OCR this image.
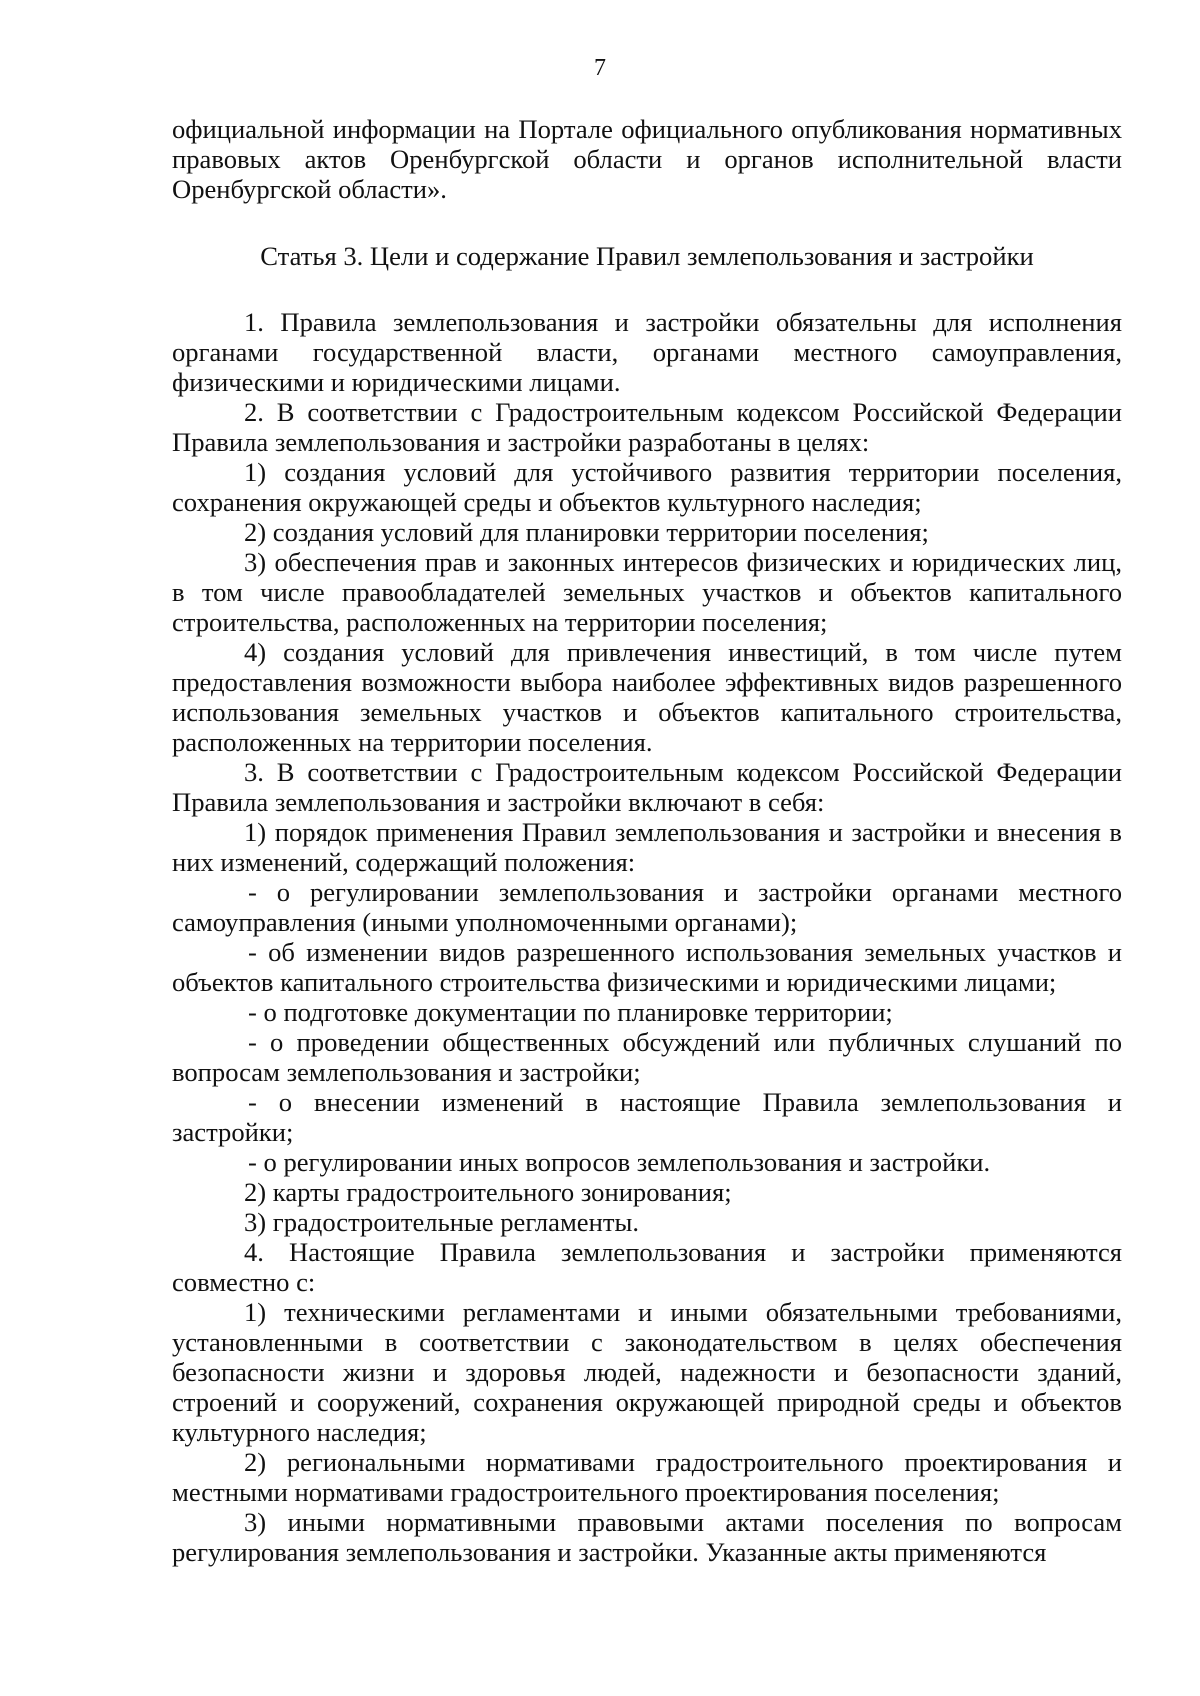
7

официальной информации на Портале официального опубликования нормативных правовых актов Оренбургской области и органов исполнительной власти Оренбургской области».

Статья 3. Цели и содержание Правил землепользования и застройки

1. Правила землепользования и застройки обязательны для исполнения органами государственной власти, органами местного самоуправления, физическими и юридическими лицами.

2. В соответствии с Градостроительным кодексом Российской Федерации Правила землепользования и застройки разработаны в целях:

1) создания условий для устойчивого развития территории поселения, сохранения окружающей среды и объектов культурного наследия;

2) создания условий для планировки территории поселения;

3) обеспечения прав и законных интересов физических и юридических лиц, в том числе правообладателей земельных участков и объектов капитального строительства, расположенных на территории поселения;

4) создания условий для привлечения инвестиций, в том числе путем предоставления возможности выбора наиболее эффективных видов разрешенного использования земельных участков и объектов капитального строительства, расположенных на территории поселения.

3. В соответствии с Градостроительным кодексом Российской Федерации Правила землепользования и застройки включают в себя:

1) порядок применения Правил землепользования и застройки и внесения в них изменений, содержащий положения:

- о регулировании землепользования и застройки органами местного самоуправления (иными уполномоченными органами);

- об изменении видов разрешенного использования земельных участков и объектов капитального строительства физическими и юридическими лицами;

- о подготовке документации по планировке территории;

- о проведении общественных обсуждений или публичных слушаний по вопросам землепользования и застройки;

- о внесении изменений в настоящие Правила землепользования и застройки;

- о регулировании иных вопросов землепользования и застройки.

2) карты градостроительного зонирования;

3) градостроительные регламенты.

4. Настоящие Правила землепользования и застройки применяются совместно с:

1) техническими регламентами и иными обязательными требованиями, установленными в соответствии с законодательством в целях обеспечения безопасности жизни и здоровья людей, надежности и безопасности зданий, строений и сооружений, сохранения окружающей природной среды и объектов культурного наследия;

2) региональными нормативами градостроительного проектирования и местными нормативами градостроительного проектирования поселения;

3) иными нормативными правовыми актами поселения по вопросам регулирования землепользования и застройки. Указанные акты применяются
